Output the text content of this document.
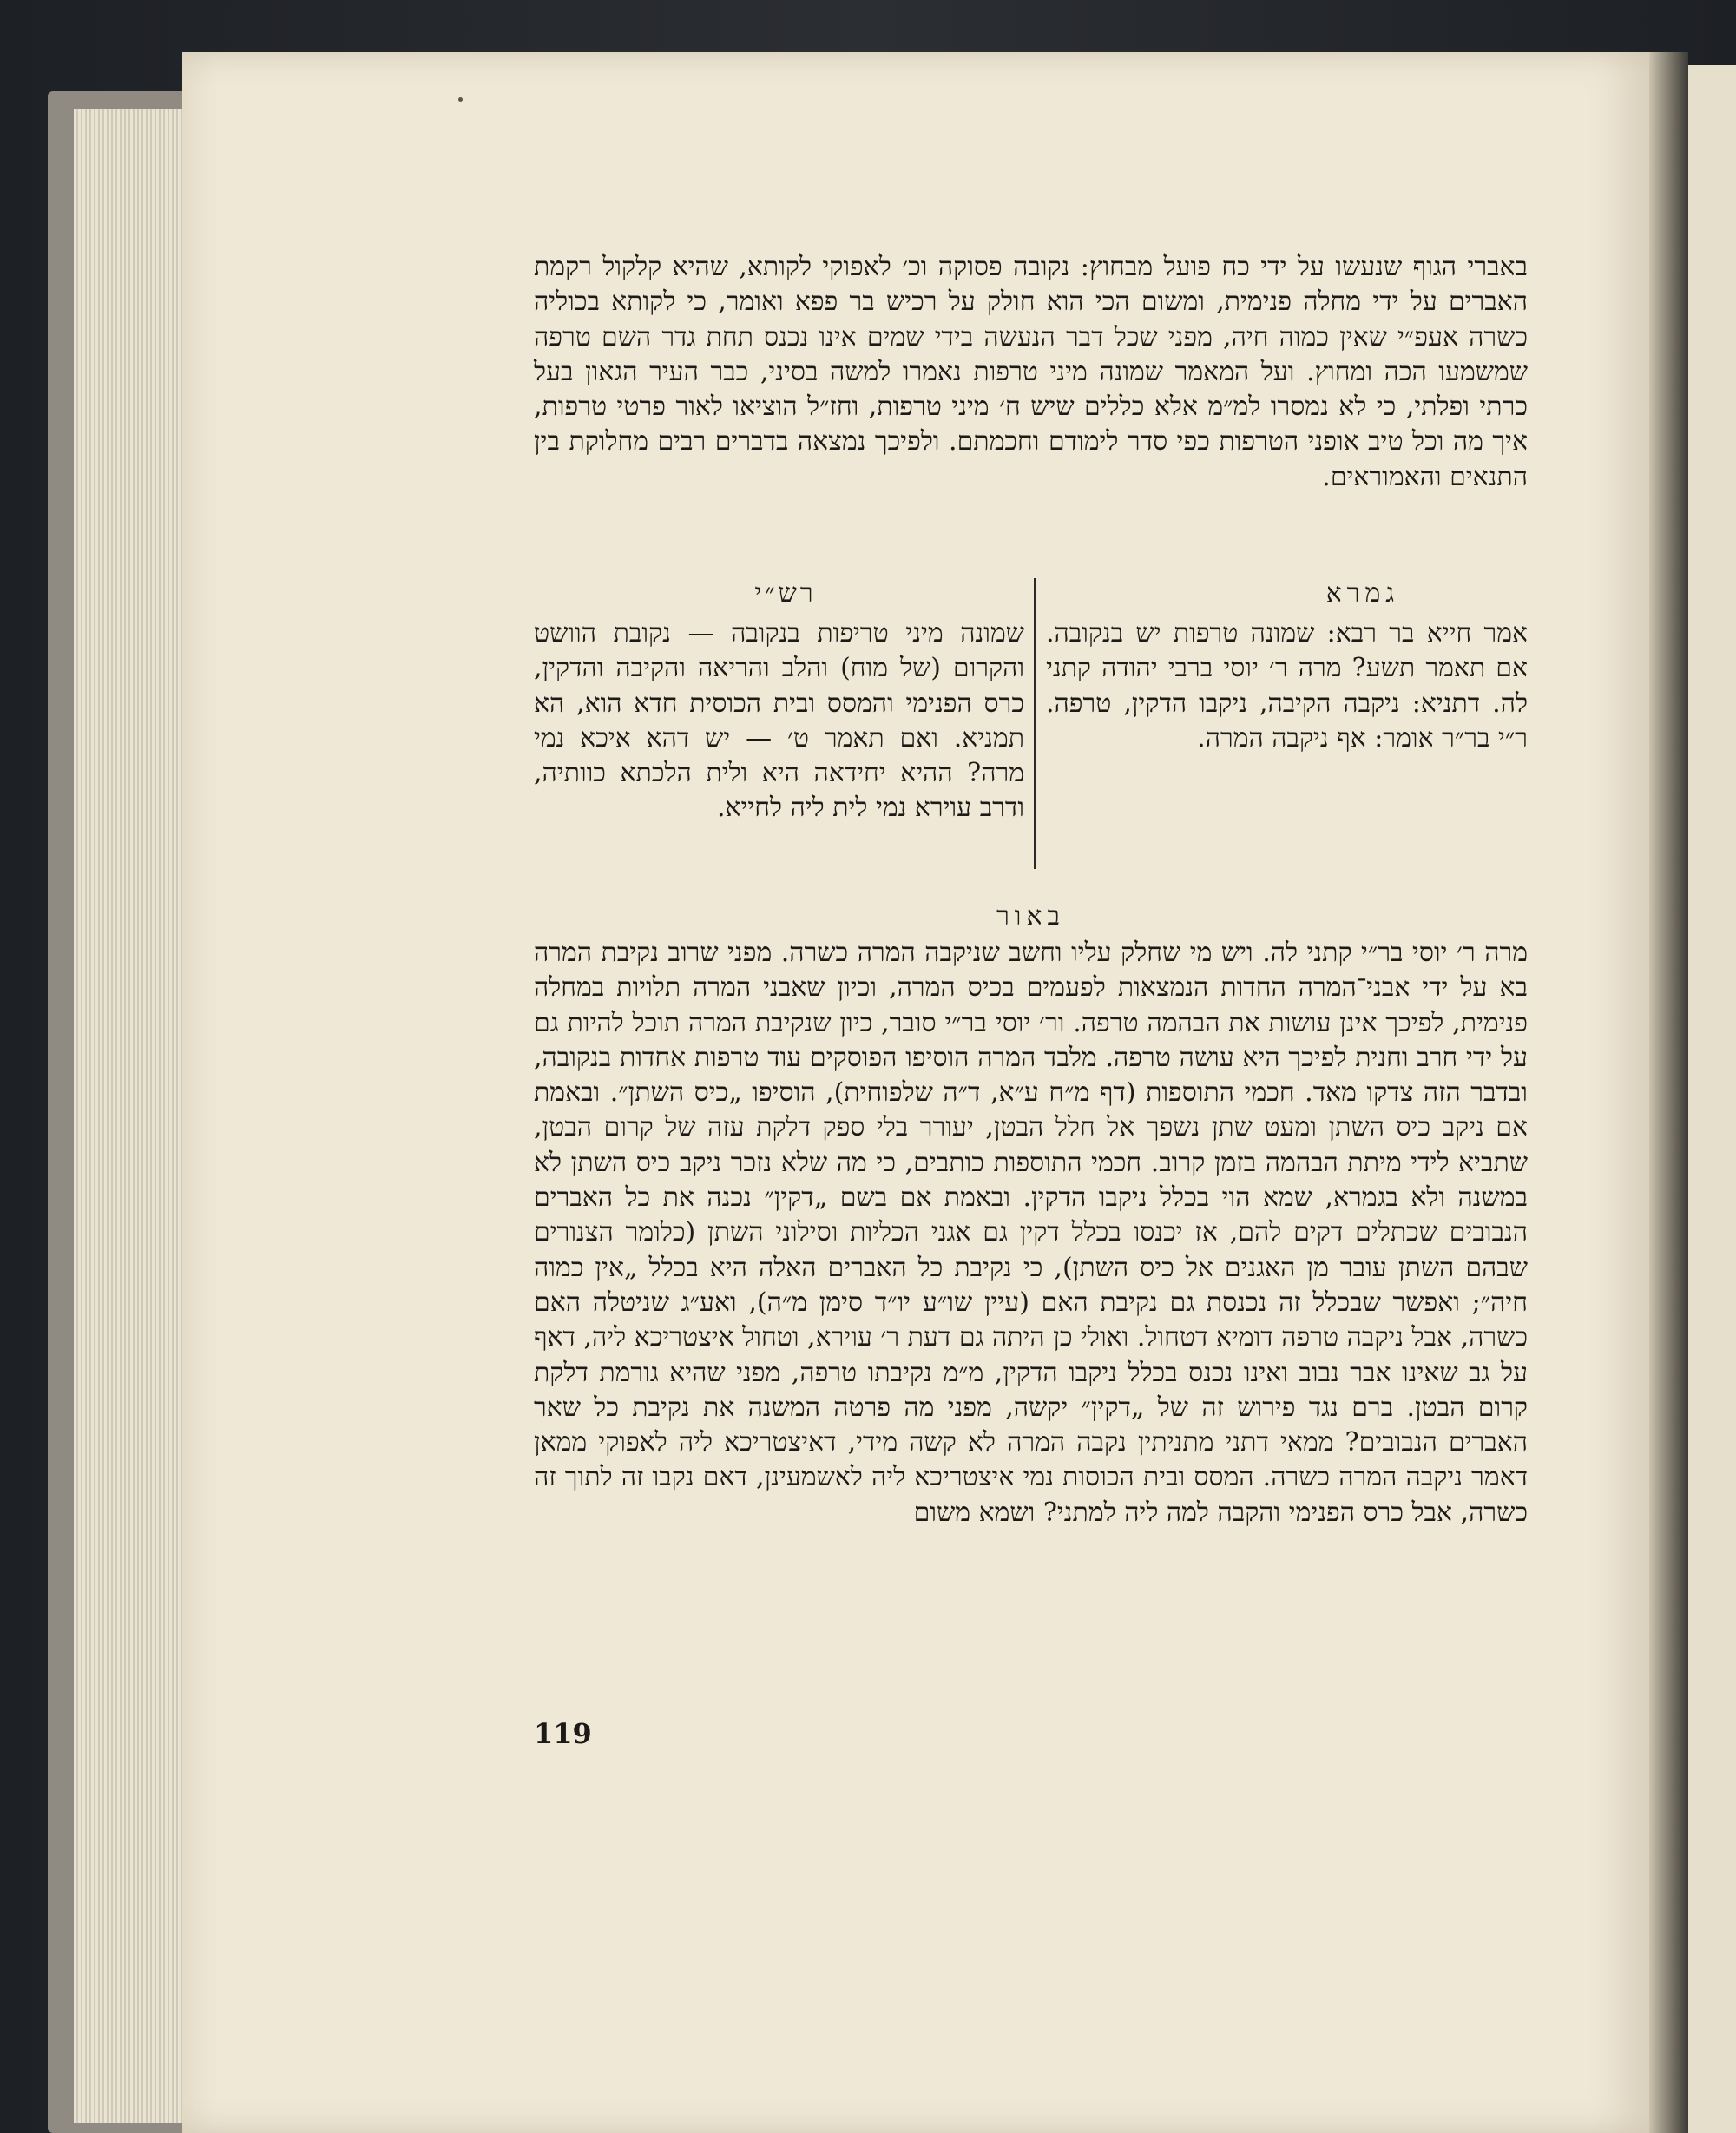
באברי הגוף שנעשו על ידי כח פועל מבחוץ: נקובה פסוקה וכ׳ לאפוקי לקותא, שהיא קלקול רקמת האברים על ידי מחלה פנימית, ומשום הכי הוא חולק על רכיש בר פפא ואומר, כי לקותא בכוליה כשרה אעפ״י שאין כמוה חיה, מפני שכל דבר הנעשה בידי שמים אינו נכנס תחת גדר השם טרפה שמשמעו הכה ומחוץ. ועל המאמר שמונה מיני טרפות נאמרו למשה בסיני, כבר העיר הגאון בעל כרתי ופלתי, כי לא נמסרו למ״מ אלא כללים שיש ח׳ מיני טרפות, וחז״ל הוציאו לאור פרטי טרפות, איך מה וכל טיב אופני הטרפות כפי סדר לימודם וחכמתם. ולפיכך נמצאה בדברים רבים מחלוקת בין התנאים והאמוראים.

גמרא
רש״י

אמר חייא בר רבא: שמונה טרפות יש בנקובה. אם תאמר תשע? מרה ר׳ יוסי ברבי יהודה קתני לה. דתניא: ניקבה הקיבה, ניקבו הדקין, טרפה. ר״י בר״ר אומר: אף ניקבה המרה.

שמונה מיני טריפות בנקובה — נקובת הוושט והקרום (של מוח) והלב והריאה והקיבה והדקין, כרס הפנימי והמסס ובית הכוסית חדא הוא, הא תמניא. ואם תאמר ט׳ — יש דהא איכא נמי מרה? ההיא יחידאה היא ולית הלכתא כוותיה, ודרב עוירא נמי לית ליה לחייא.

באור

מרה ר׳ יוסי בר״י קתני לה. ויש מי שחלק עליו וחשב שניקבה המרה כשרה. מפני שרוב נקיבת המרה בא על ידי אבני־המרה החדות הנמצאות לפעמים בכיס המרה, וכיון שאבני המרה תלויות במחלה פנימית, לפיכך אינן עושות את הבהמה טרפה. ור׳ יוסי בר״י סובר, כיון שנקיבת המרה תוכל להיות גם על ידי חרב וחנית לפיכך היא עושה טרפה. מלבד המרה הוסיפו הפוסקים עוד טרפות אחדות בנקובה, ובדבר הזה צדקו מאד. חכמי התוספות (דף מ״ח ע״א, ד״ה שלפוחית), הוסיפו „כיס השתן״. ובאמת אם ניקב כיס השתן ומעט שתן נשפך אל חלל הבטן, יעורר בלי ספק דלקת עזה של קרום הבטן, שתביא לידי מיתת הבהמה בזמן קרוב. חכמי התוספות כותבים, כי מה שלא נזכר ניקב כיס השתן לא במשנה ולא בגמרא, שמא הוי בכלל ניקבו הדקין. ובאמת אם בשם „דקין״ נכנה את כל האברים הנבובים שכתלים דקים להם, אז יכנסו בכלל דקין גם אגני הכליות וסילוני השתן (כלומר הצנורים שבהם השתן עובר מן האגנים אל כיס השתן), כי נקיבת כל האברים האלה היא בכלל „אין כמוה חיה״; ואפשר שבכלל זה נכנסת גם נקיבת האם (עיין שו״ע יו״ד סימן מ״ה), ואע״ג שניטלה האם כשרה, אבל ניקבה טרפה דומיא דטחול. ואולי כן היתה גם דעת ר׳ עוירא, וטחול איצטריכא ליה, דאף על גב שאינו אבר נבוב ואינו נכנס בכלל ניקבו הדקין, מ״מ נקיבתו טרפה, מפני שהיא גורמת דלקת קרום הבטן. ברם נגד פירוש זה של „דקין״ יקשה, מפני מה פרטה המשנה את נקיבת כל שאר האברים הנבובים? ממאי דתני מתניתין נקבה המרה לא קשה מידי, דאיצטריכא ליה לאפוקי ממאן דאמר ניקבה המרה כשרה. המסס ובית הכוסות נמי איצטריכא ליה לאשמעינן, דאם נקבו זה לתוך זה כשרה, אבל כרס הפנימי והקבה למה ליה למתני? ושמא משום

119
